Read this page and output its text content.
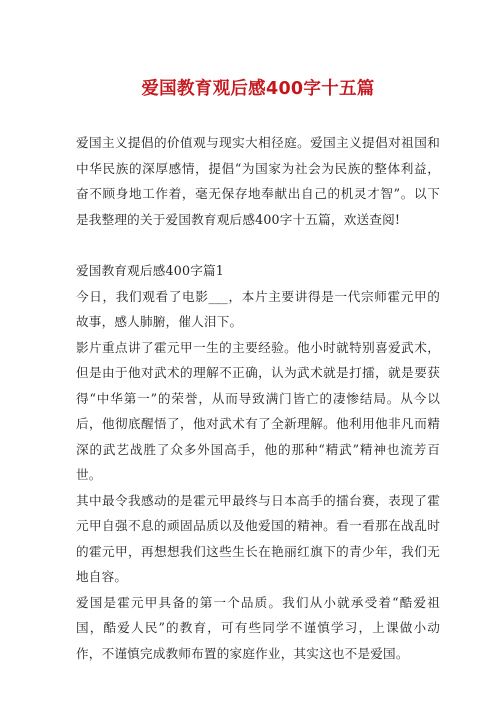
爱国教育观后感400字十五篇

爱国主义提倡的价值观与现实大相径庭。爱国主义提倡对祖国和中华民族的深厚感情，提倡“为国家为社会为民族的整体利益，奋不顾身地工作着，毫无保存地奉献出自己的机灵才智”。以下是我整理的关于爱国教育观后感400字十五篇，欢送查阅!

爱国教育观后感400字篇1

今日，我们观看了电影___，本片主要讲得是一代宗师霍元甲的故事，感人肺腑，催人泪下。

影片重点讲了霍元甲一生的主要经验。他小时就特别喜爱武术，但是由于他对武术的理解不正确，认为武术就是打擂，就是要获得“中华第一”的荣誉，从而导致满门皆亡的凄惨结局。从今以后，他彻底醒悟了，他对武术有了全新理解。他利用他非凡而精深的武艺战胜了众多外国高手，他的那种“精武”精神也流芳百世。

其中最令我感动的是霍元甲最终与日本高手的擂台赛，表现了霍元甲自强不息的顽固品质以及他爱国的精神。看一看那在战乱时的霍元甲，再想想我们这些生长在艳丽红旗下的青少年，我们无地自容。

爱国是霍元甲具备的第一个品质。我们从小就承受着“酷爱祖国，酷爱人民”的教育，可有些同学不谨慎学习，上课做小动作，不谨慎完成教师布置的家庭作业，其实这也不是爱国。
